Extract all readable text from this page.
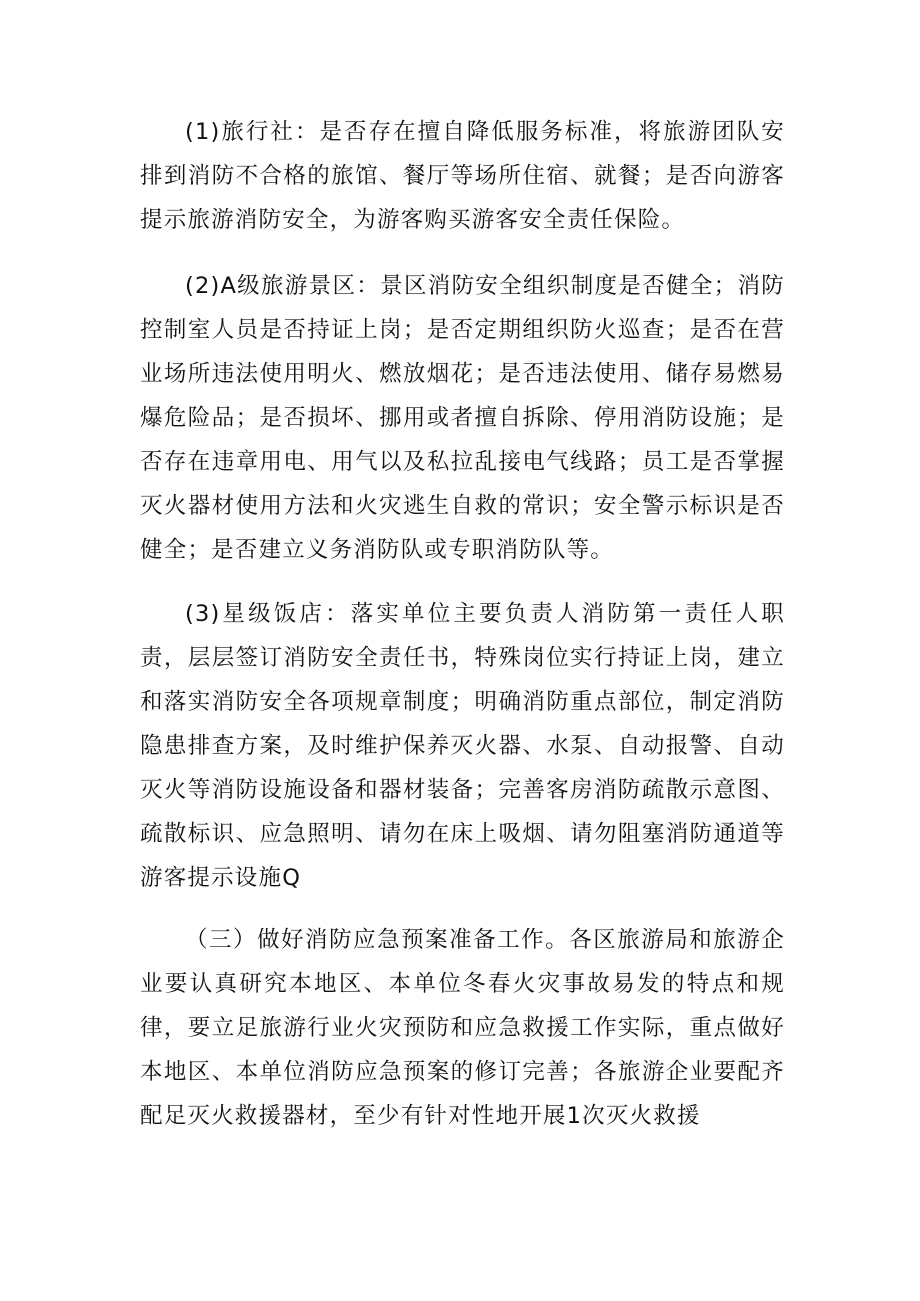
(1)旅行社：是否存在擅自降低服务标准，将旅游团队安排到消防不合格的旅馆、餐厅等场所住宿、就餐；是否向游客提示旅游消防安全，为游客购买游客安全责任保险。

(2)A级旅游景区：景区消防安全组织制度是否健全；消防控制室人员是否持证上岗；是否定期组织防火巡查；是否在营业场所违法使用明火、燃放烟花；是否违法使用、储存易燃易爆危险品；是否损坏、挪用或者擅自拆除、停用消防设施；是否存在违章用电、用气以及私拉乱接电气线路；员工是否掌握灭火器材使用方法和火灾逃生自救的常识；安全警示标识是否健全；是否建立义务消防队或专职消防队等。

(3)星级饭店：落实单位主要负责人消防第一责任人职责，层层签订消防安全责任书，特殊岗位实行持证上岗，建立和落实消防安全各项规章制度；明确消防重点部位，制定消防隐患排查方案，及时维护保养灭火器、水泵、自动报警、自动灭火等消防设施设备和器材装备；完善客房消防疏散示意图、疏散标识、应急照明、请勿在床上吸烟、请勿阻塞消防通道等游客提示设施Q

（三）做好消防应急预案准备工作。各区旅游局和旅游企业要认真研究本地区、本单位冬春火灾事故易发的特点和规律，要立足旅游行业火灾预防和应急救援工作实际，重点做好本地区、本单位消防应急预案的修订完善；各旅游企业要配齐配足灭火救援器材，至少有针对性地开展1次灭火救援
